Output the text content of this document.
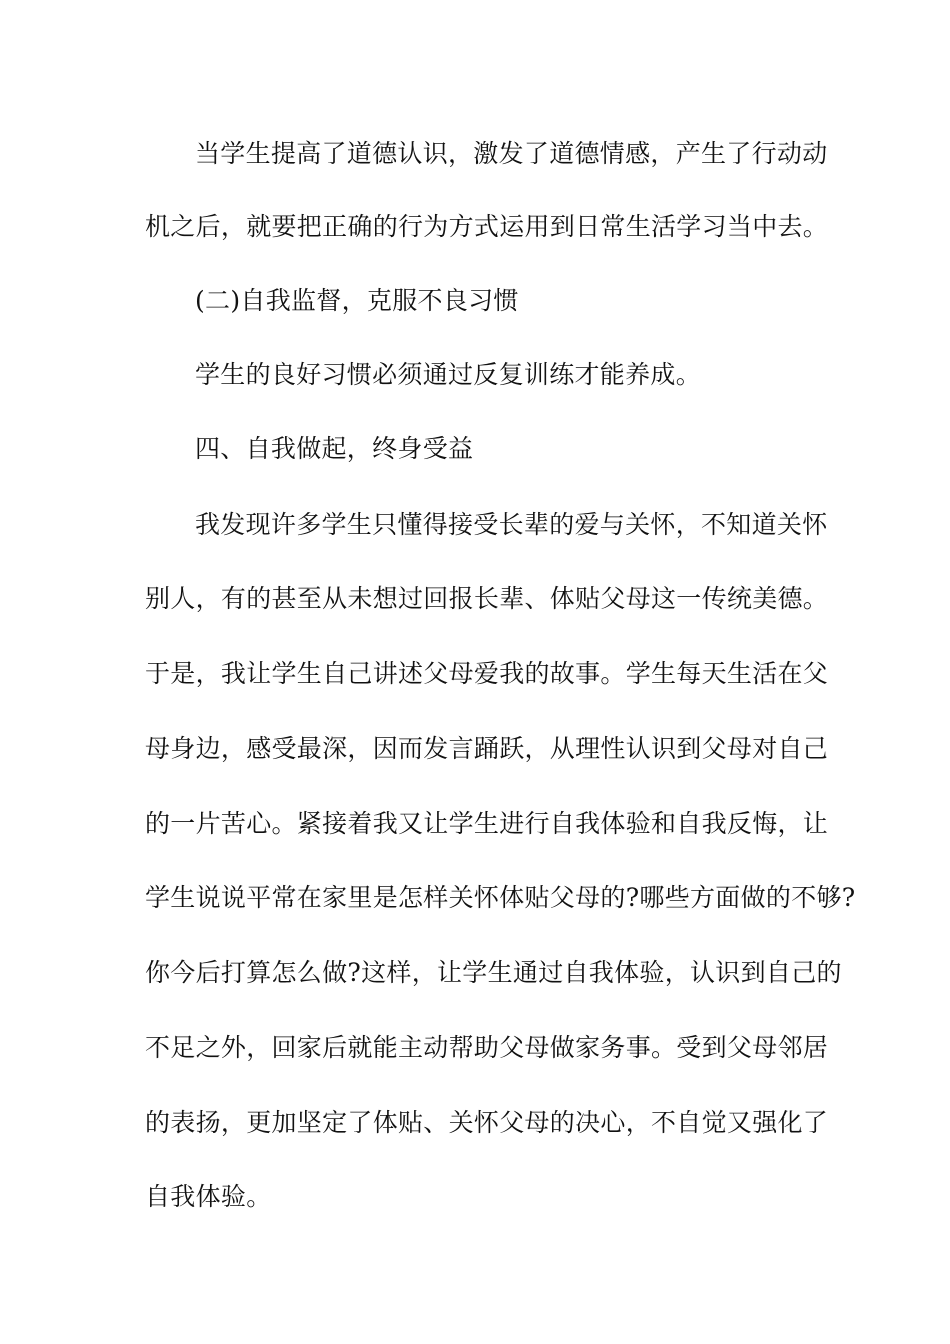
当学生提高了道德认识，激发了道德情感，产生了行动动
机之后，就要把正确的行为方式运用到日常生活学习当中去。
(二)自我监督，克服不良习惯
学生的良好习惯必须通过反复训练才能养成。
四、自我做起，终身受益
我发现许多学生只懂得接受长辈的爱与关怀，不知道关怀
别人，有的甚至从未想过回报长辈、体贴父母这一传统美德。
于是，我让学生自己讲述父母爱我的故事。学生每天生活在父
母身边，感受最深，因而发言踊跃，从理性认识到父母对自己
的一片苦心。紧接着我又让学生进行自我体验和自我反悔，让
学生说说平常在家里是怎样关怀体贴父母的?哪些方面做的不够?
你今后打算怎么做?这样，让学生通过自我体验，认识到自己的
不足之外，回家后就能主动帮助父母做家务事。受到父母邻居
的表扬，更加坚定了体贴、关怀父母的决心，不自觉又强化了
自我体验。
